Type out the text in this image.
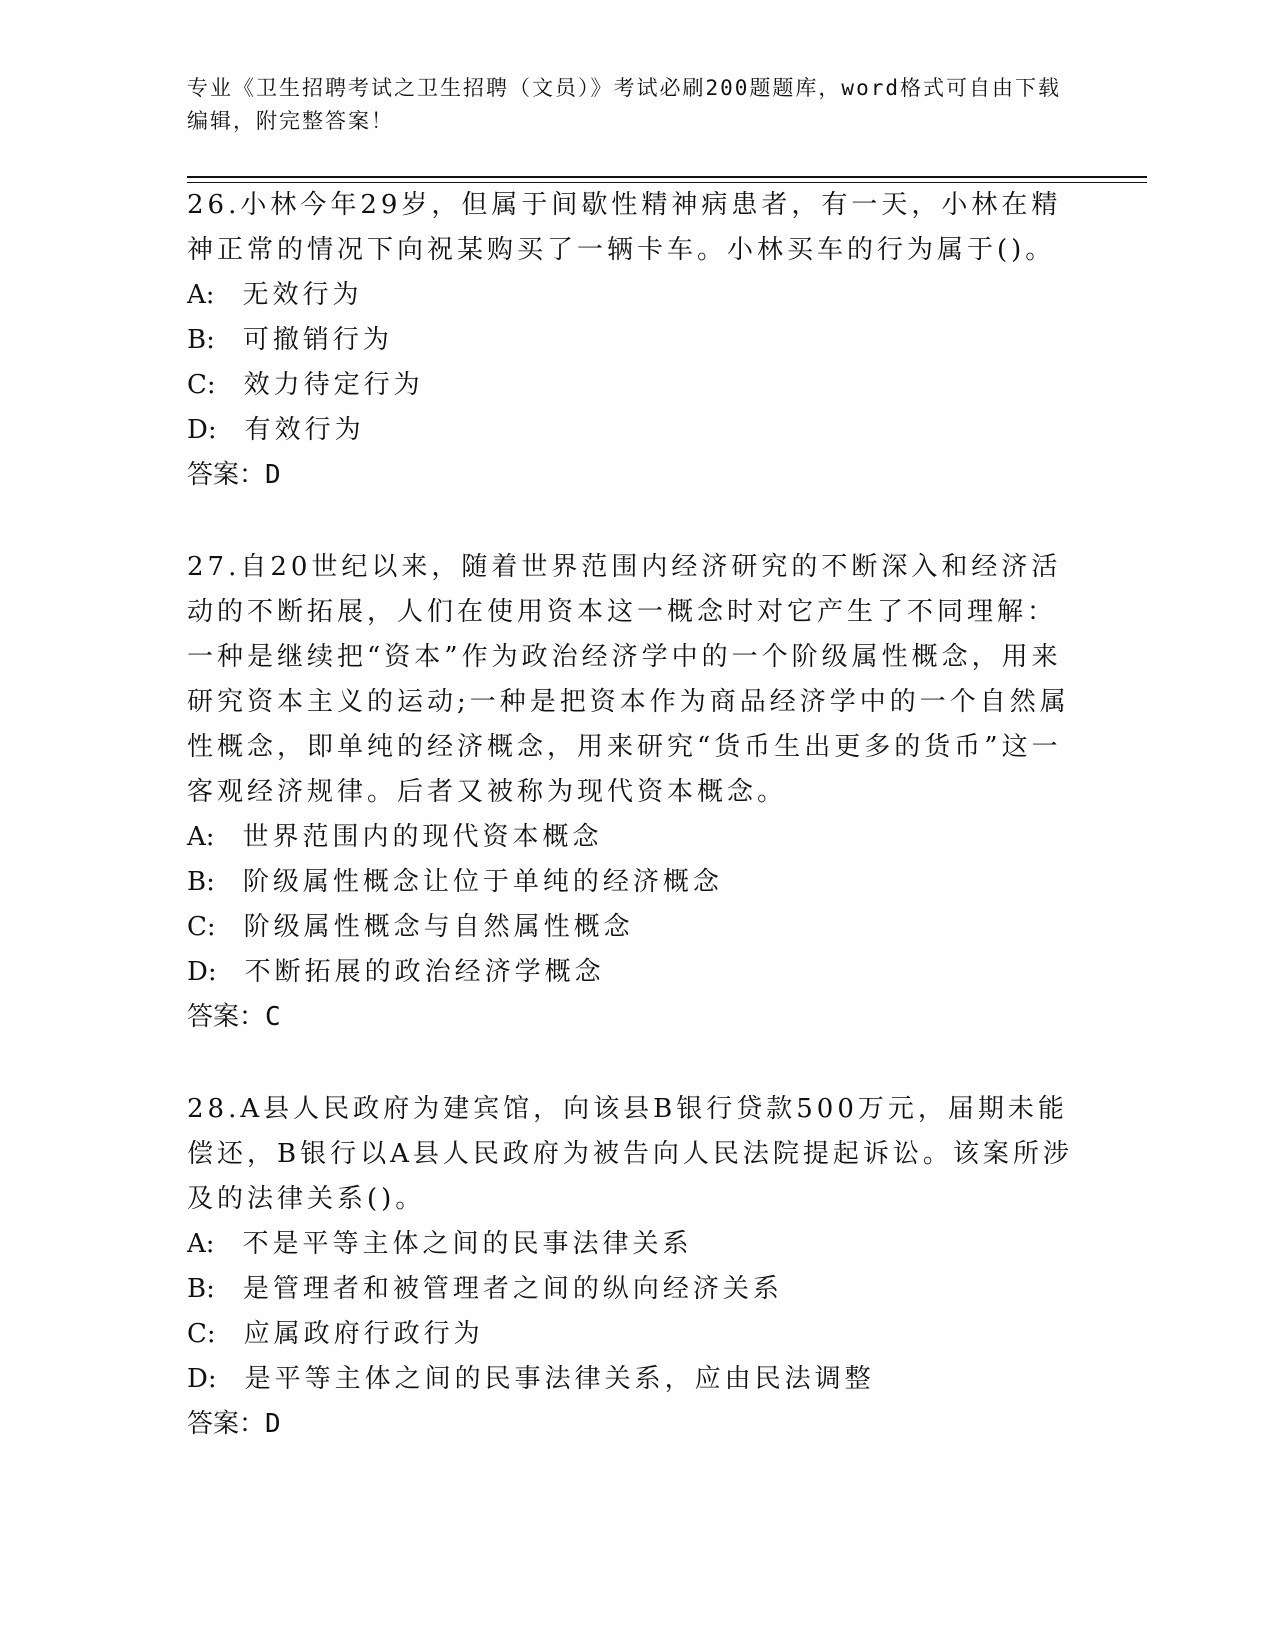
专业《卫生招聘考试之卫生招聘（文员）》考试必刷200题题库，word格式可自由下载编辑，附完整答案！

26.小林今年29岁，但属于间歇性精神病患者，有一天，小林在精神正常的情况下向祝某购买了一辆卡车。小林买车的行为属于()。

A: 无效行为
B: 可撤销行为
C: 效力待定行为
D: 有效行为

答案：D

27.自20世纪以来，随着世界范围内经济研究的不断深入和经济活动的不断拓展，人们在使用资本这一概念时对它产生了不同理解：一种是继续把“资本”作为政治经济学中的一个阶级属性概念，用来研究资本主义的运动;一种是把资本作为商品经济学中的一个自然属性概念，即单纯的经济概念，用来研究“货币生出更多的货币”这一客观经济规律。后者又被称为现代资本概念。

A: 世界范围内的现代资本概念
B: 阶级属性概念让位于单纯的经济概念
C: 阶级属性概念与自然属性概念
D: 不断拓展的政治经济学概念

答案：C

28.A县人民政府为建宾馆，向该县B银行贷款500万元，届期未能偿还，B银行以A县人民政府为被告向人民法院提起诉讼。该案所涉及的法律关系()。

A: 不是平等主体之间的民事法律关系
B: 是管理者和被管理者之间的纵向经济关系
C: 应属政府行政行为
D: 是平等主体之间的民事法律关系，应由民法调整

答案：D
